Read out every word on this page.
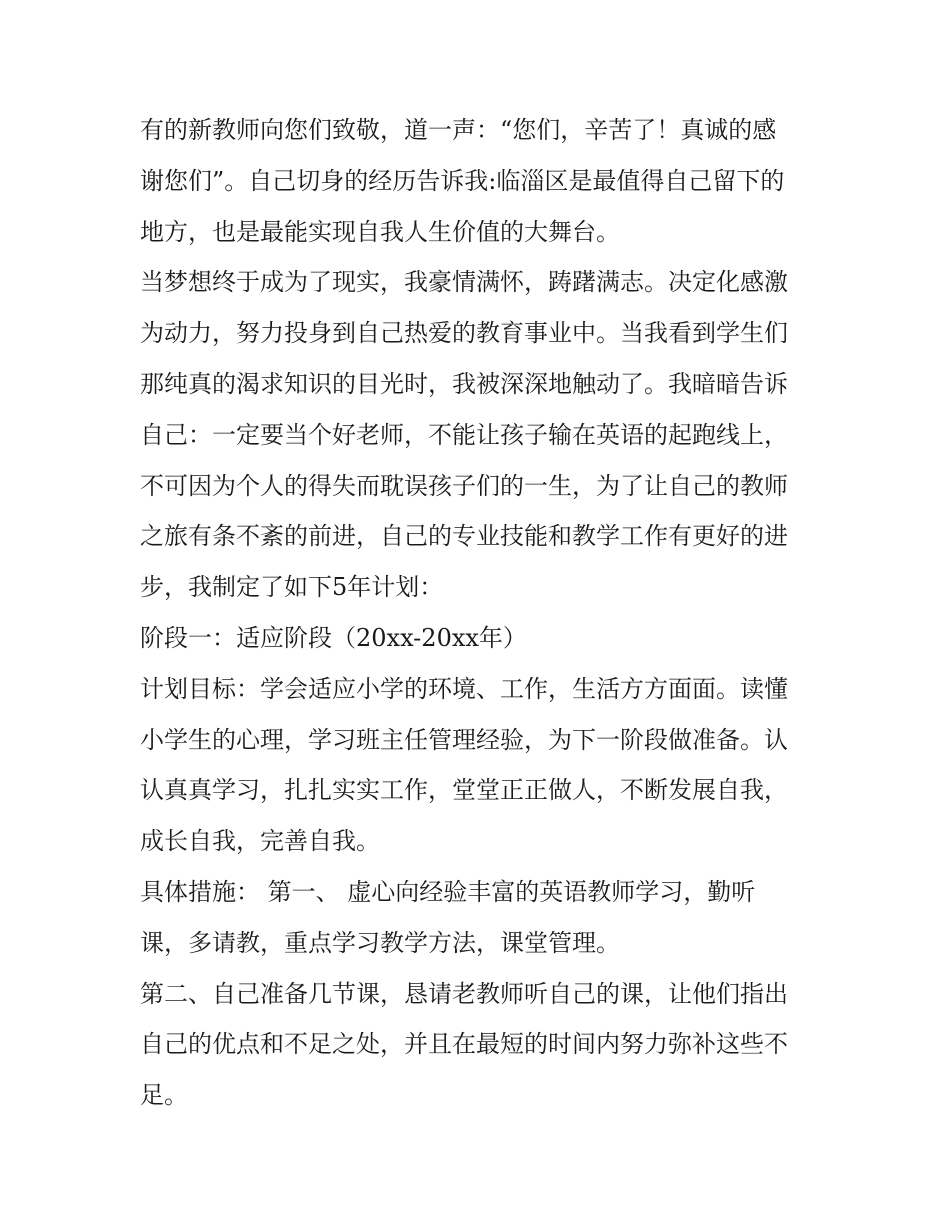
有的新教师向您们致敬，道一声：“您们，辛苦了！真诚的感
谢您们”。自己切身的经历告诉我:临淄区是最值得自己留下的
地方，也是最能实现自我人生价值的大舞台。
当梦想终于成为了现实，我豪情满怀，踌躇满志。决定化感激
为动力，努力投身到自己热爱的教育事业中。当我看到学生们
那纯真的渴求知识的目光时，我被深深地触动了。我暗暗告诉
自己：一定要当个好老师，不能让孩子输在英语的起跑线上，
不可因为个人的得失而耽误孩子们的一生，为了让自己的教师
之旅有条不紊的前进，自己的专业技能和教学工作有更好的进
步，我制定了如下5年计划：
阶段一：适应阶段（20xx-20xx年）
计划目标：学会适应小学的环境、工作，生活方方面面。读懂
小学生的心理，学习班主任管理经验，为下一阶段做准备。认
认真真学习，扎扎实实工作，堂堂正正做人，不断发展自我，
成长自我，完善自我。
具体措施： 第一、 虚心向经验丰富的英语教师学习，勤听
课，多请教，重点学习教学方法，课堂管理。
第二、自己准备几节课，恳请老教师听自己的课，让他们指出
自己的优点和不足之处，并且在最短的时间内努力弥补这些不
足。
